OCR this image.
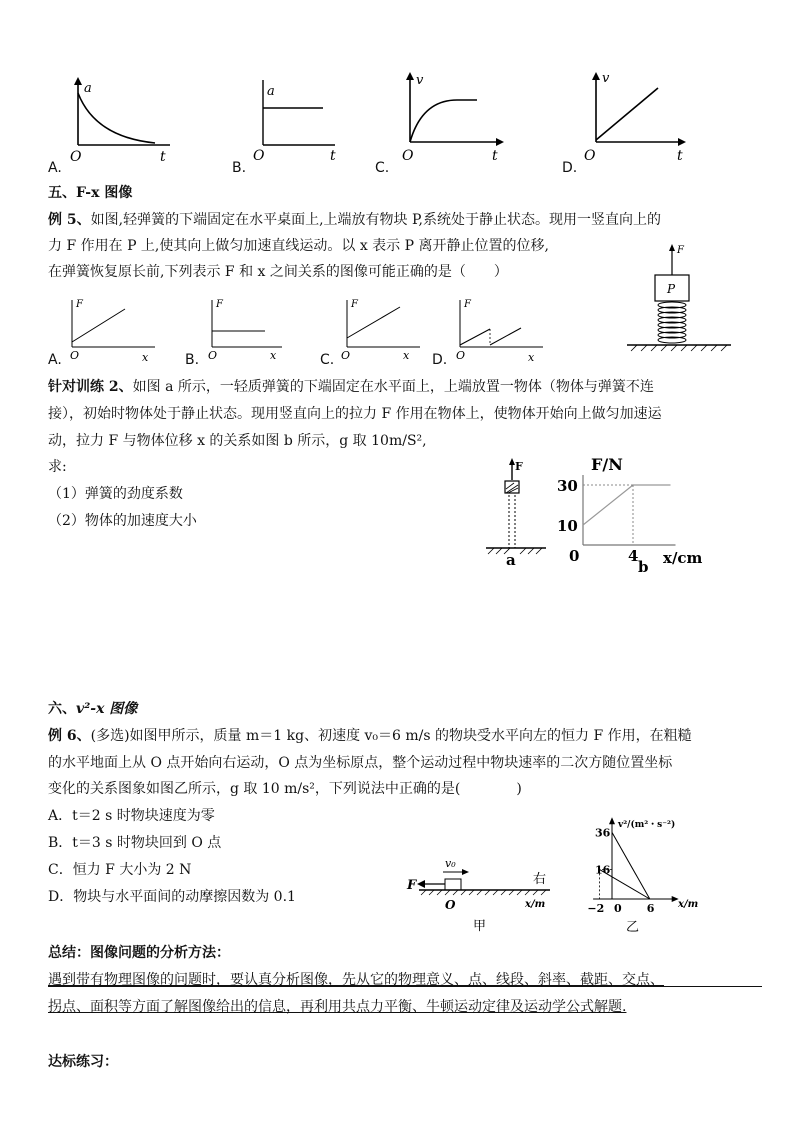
a
O	t
A.
a
O	t
B.
v
O	t
C.
v
O	t
D.
五、F-x 图像
例 5、如图,轻弹簧的下端固定在水平桌面上,上端放有物块 P,系统处于静止状态。现用一竖直向上的
力 F 作用在 P 上,使其向上做匀加速直线运动。以 x 表示 P 离开静止位置的位移,
在弹簧恢复原长前,下列表示 F 和 x 之间关系的图像可能正确的是（　　）
F
P
F
O	x
A.
F
O	x
B.
F
O	x
C.
F
O	x
D.
针对训练 2、如图 a 所示，一轻质弹簧的下端固定在水平面上，上端放置一物体（物体与弹簧不连
接），初始时物体处于静止状态。现用竖直向上的拉力 F 作用在物体上，使物体开始向上做匀加速运
动，拉力 F 与物体位移 x 的关系如图 b 所示，g 取 10m/S²,
求:
（1）弹簧的劲度系数
（2）物体的加速度大小
F
a
F/N
x/cm
b
30
10
0	4
六、v²-x 图像
例 6、(多选)如图甲所示，质量 m＝1 kg、初速度 v₀＝6 m/s 的物块受水平向左的恒力 F 作用，在粗糙
的水平地面上从 O 点开始向右运动，O 点为坐标原点，整个运动过程中物块速率的二次方随位置坐标
变化的关系图象如图乙所示，g 取 10 m/s²，下列说法中正确的是(　　　　)
A．t＝2 s 时物块速度为零
B．t＝3 s 时物块回到 O 点
C．恒力 F 大小为 2 N
D．物块与水平面间的动摩擦因数为 0.1
v₀
F	右
O	x/m
甲
v²/(m²・s⁻²)
x/m
乙
36
16
−2 0 6
总结：图像问题的分析方法：
遇到带有物理图像的问题时，要认真分析图像，先从它的物理意义、点、线段、斜率、截距、交点、
拐点、面积等方面了解图像给出的信息，再利用共点力平衡、牛顿运动定律及运动学公式解题.
达标练习：
